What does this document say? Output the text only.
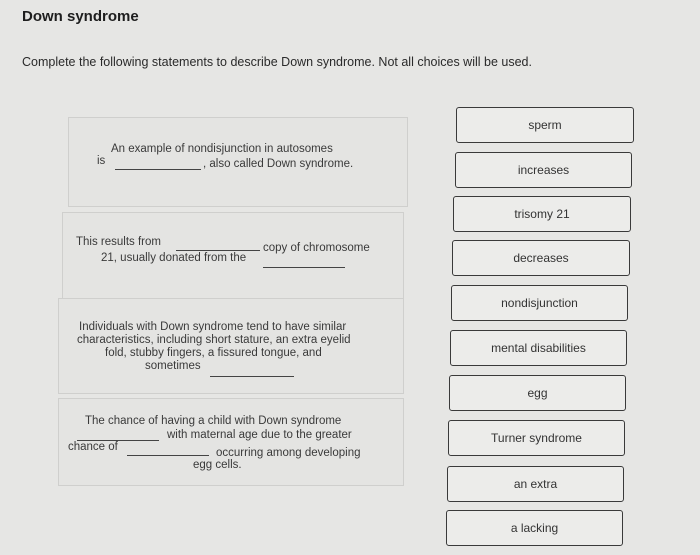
Down syndrome
Complete the following statements to describe Down syndrome. Not all choices will be used.
An example of nondisjunction in autosomes
is	, also called Down syndrome.
This results from	copy of chromosome
21, usually donated from the
Individuals with Down syndrome tend to have similar
characteristics, including short stature, an extra eyelid
fold, stubby fingers, a fissured tongue, and
sometimes
The chance of having a child with Down syndrome
with maternal age due to the greater
chance of	occurring among developing
egg cells.
sperm
increases
trisomy 21
decreases
nondisjunction
mental disabilities
egg
Turner syndrome
an extra
a lacking
